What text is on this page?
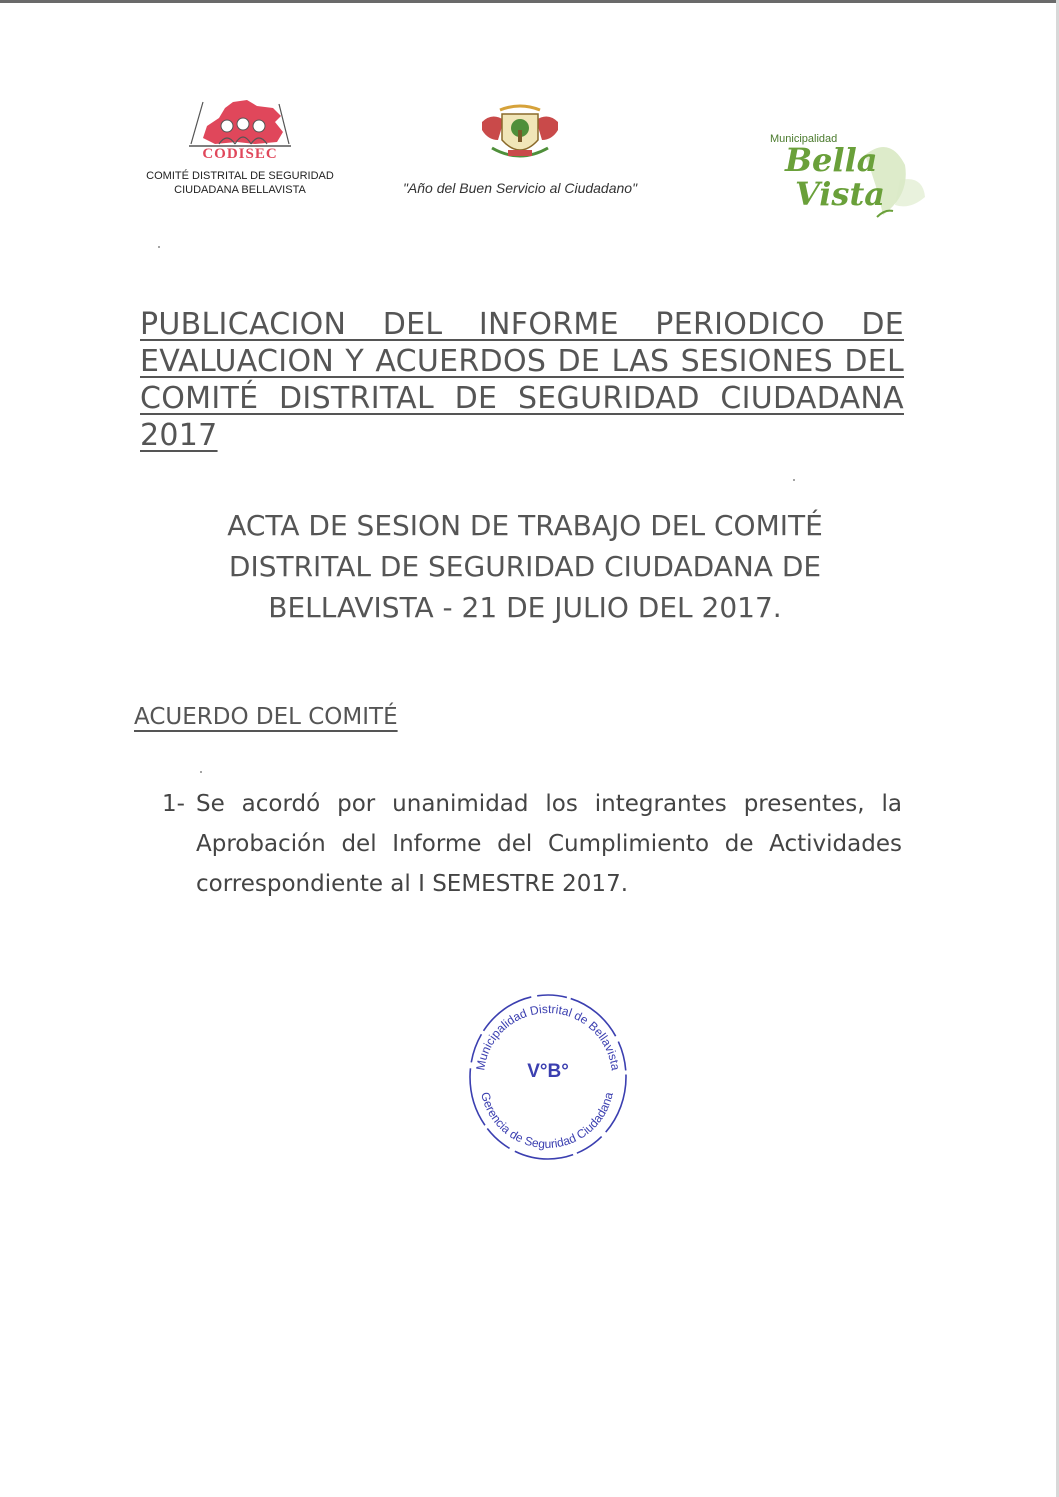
CODISEC
COMITÉ DISTRITAL DE SEGURIDAD
CIUDADANA BELLAVISTA	"Año del Buen Servicio al Ciudadano"
Municipalidad
Bella
Vista
PUBLICACION DEL INFORME PERIODICO DE EVALUACION Y ACUERDOS DE LAS SESIONES DEL COMITÉ DISTRITAL DE SEGURIDAD CIUDADANA 2017
ACTA DE SESION DE TRABAJO DEL COMITÉ DISTRITAL DE SEGURIDAD CIUDADANA DE BELLAVISTA - 21 DE JULIO DEL 2017.
ACUERDO DEL COMITÉ
1- Se acordó por unanimidad los integrantes presentes, la Aprobación del Informe del Cumplimiento de Actividades correspondiente al I SEMESTRE 2017.
Municipalidad Distrital de Bellavista
Gerencia de Seguridad Ciudadana
V°B°
